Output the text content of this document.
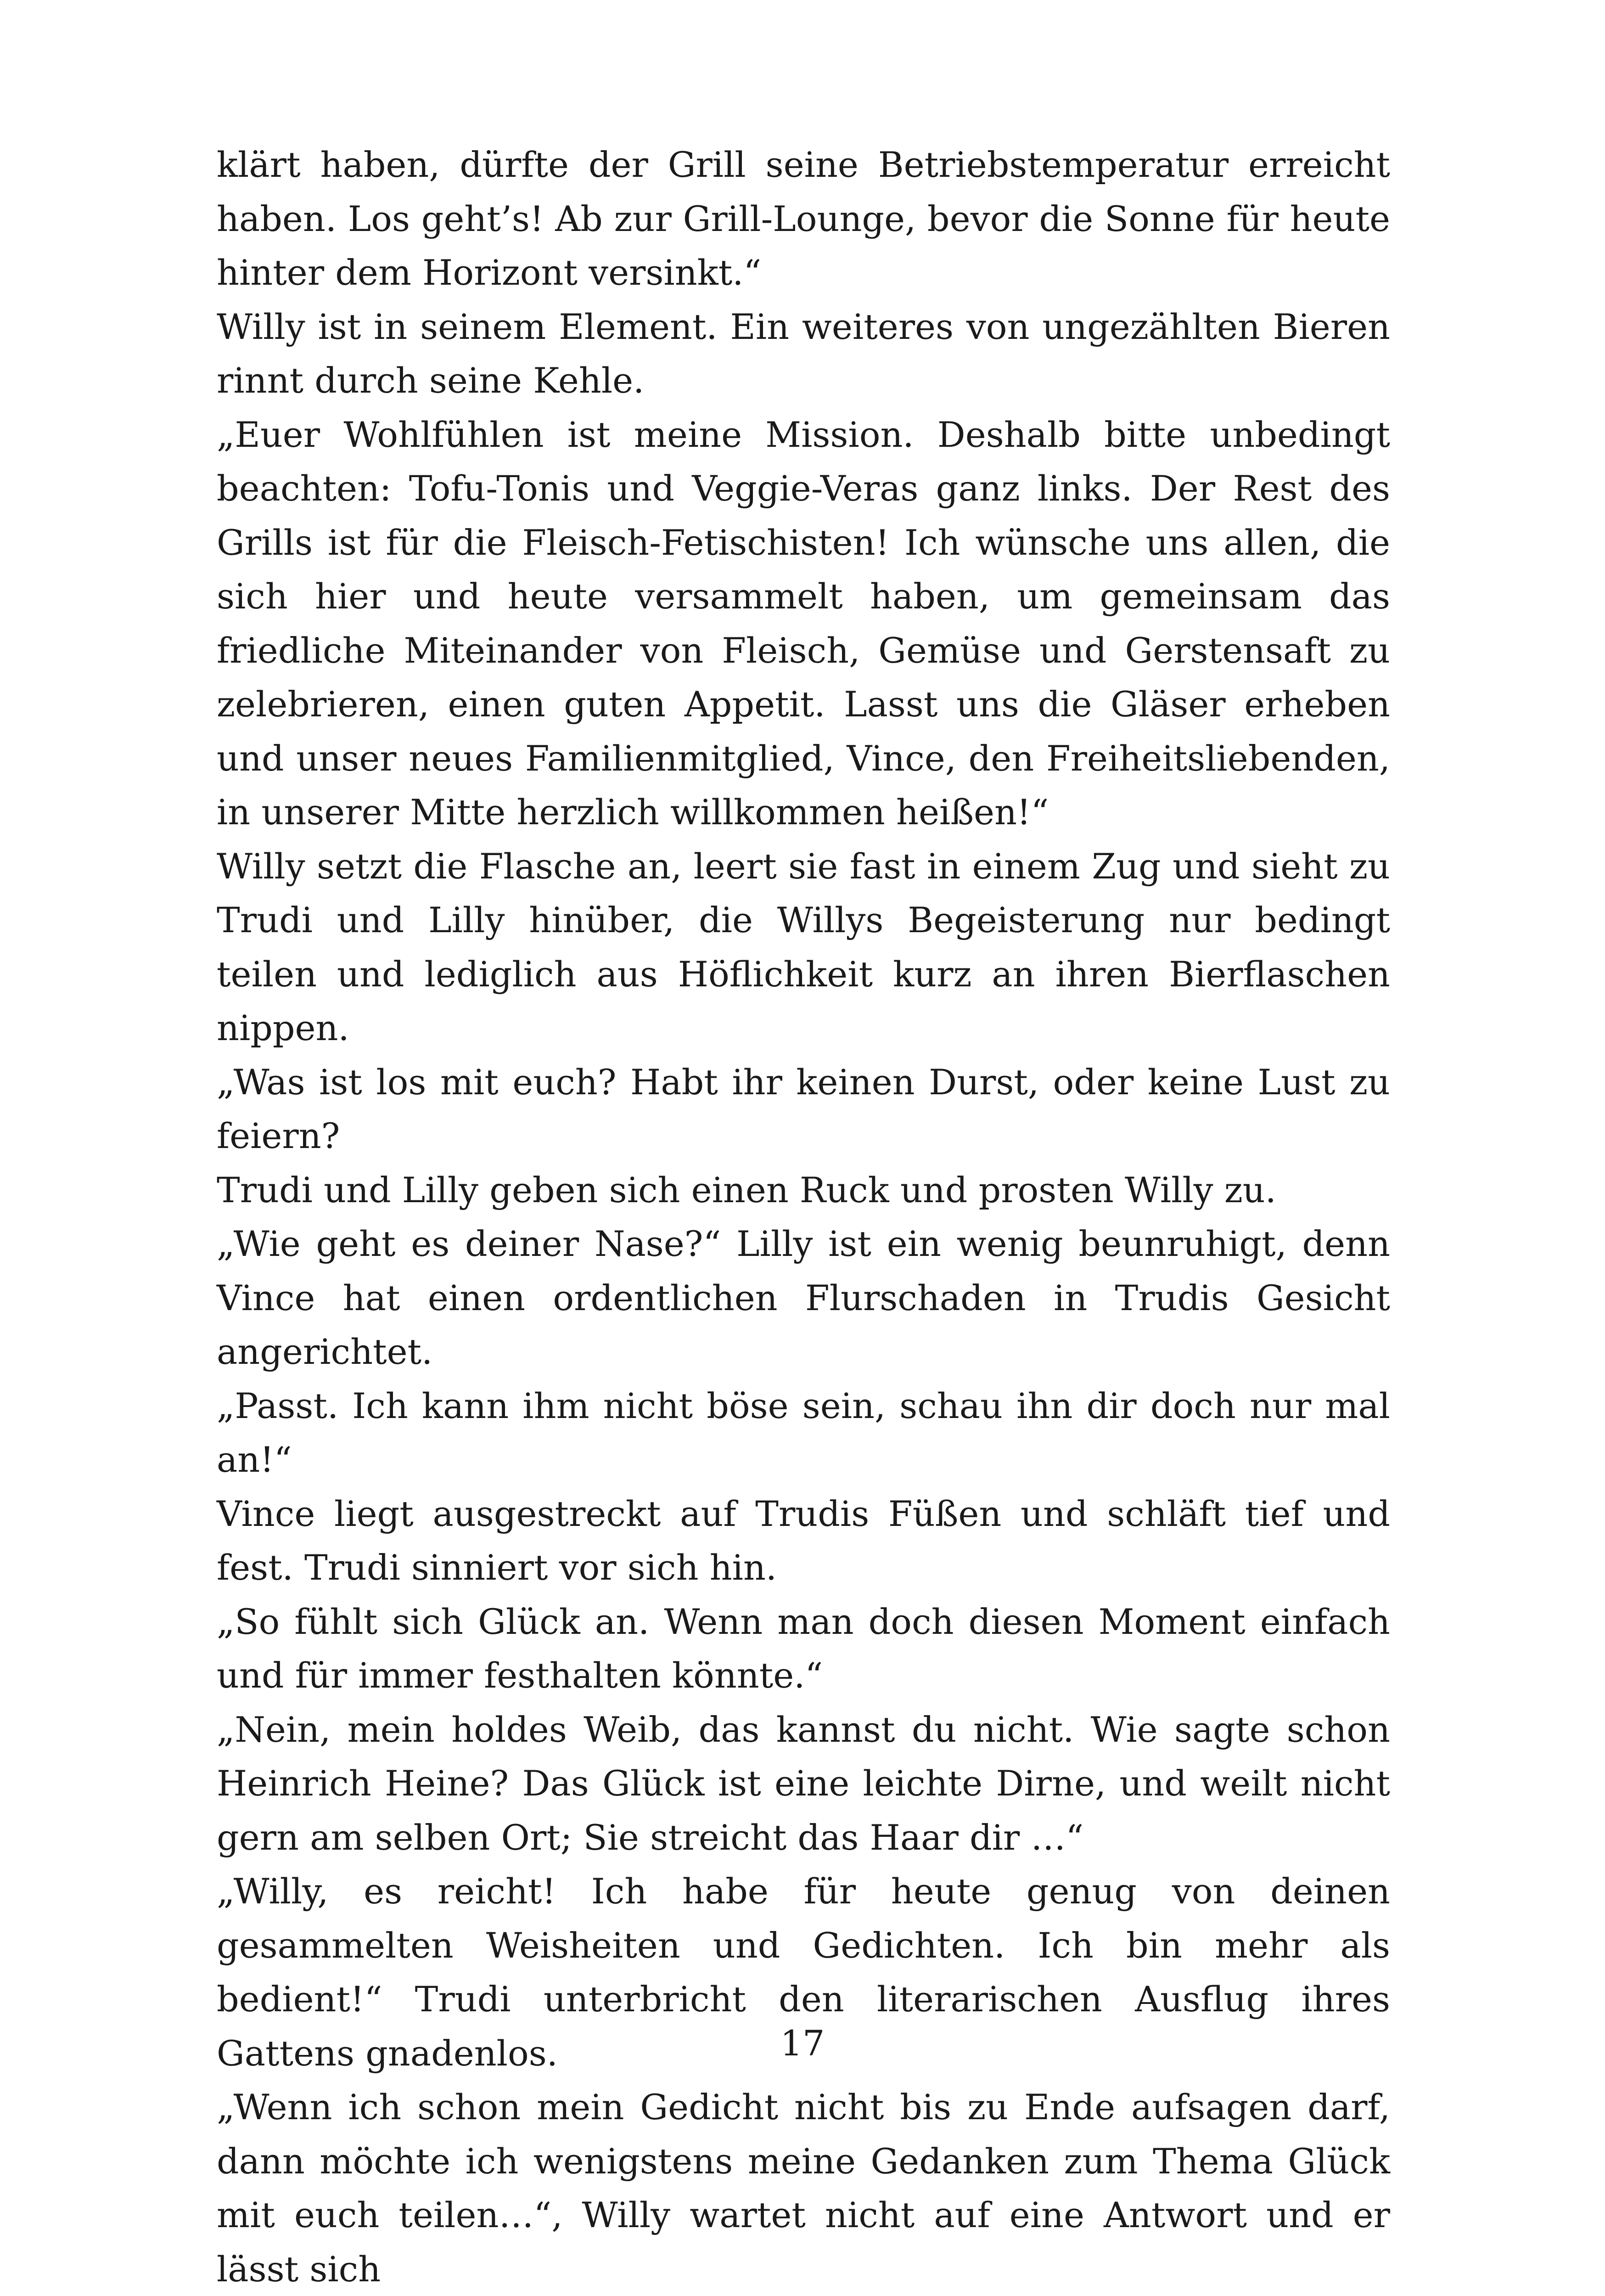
klärt haben, dürfte der Grill seine Betriebstemperatur erreicht haben. Los geht’s! Ab zur Grill-Lounge, bevor die Sonne für heute hinter dem Horizont versinkt.“

Willy ist in seinem Element. Ein weiteres von ungezählten Bieren rinnt durch seine Kehle.

„Euer Wohlfühlen ist meine Mission. Deshalb bitte unbedingt beachten: Tofu-Tonis und Veggie-Veras ganz links. Der Rest des Grills ist für die Fleisch-Fetischisten! Ich wünsche uns allen, die sich hier und heute versammelt haben, um gemeinsam das friedliche Miteinander von Fleisch, Gemüse und Gerstensaft zu zelebrieren, einen guten Appetit. Lasst uns die Gläser erheben und unser neues Familienmitglied, Vince, den Freiheitsliebenden, in unserer Mitte herzlich willkommen heißen!“

Willy setzt die Flasche an, leert sie fast in einem Zug und sieht zu Trudi und Lilly hinüber, die Willys Begeisterung nur bedingt teilen und lediglich aus Höflichkeit kurz an ihren Bierflaschen nippen.

„Was ist los mit euch? Habt ihr keinen Durst, oder keine Lust zu feiern?

Trudi und Lilly geben sich einen Ruck und prosten Willy zu.

„Wie geht es deiner Nase?“ Lilly ist ein wenig beunruhigt, denn Vince hat einen ordentlichen Flurschaden in Trudis Gesicht angerichtet.

„Passt. Ich kann ihm nicht böse sein, schau ihn dir doch nur mal an!“

Vince liegt ausgestreckt auf Trudis Füßen und schläft tief und fest. Trudi sinniert vor sich hin.

„So fühlt sich Glück an. Wenn man doch diesen Moment einfach und für immer festhalten könnte.“

„Nein, mein holdes Weib, das kannst du nicht. Wie sagte schon Heinrich Heine? Das Glück ist eine leichte Dirne, und weilt nicht gern am selben Ort; Sie streicht das Haar dir …“

„Willy, es reicht! Ich habe für heute genug von deinen gesammelten Weisheiten und Gedichten. Ich bin mehr als bedient!“ Trudi unterbricht den literarischen Ausflug ihres Gattens gnadenlos.

„Wenn ich schon mein Gedicht nicht bis zu Ende aufsagen darf, dann möchte ich wenigstens meine Gedanken zum Thema Glück mit euch teilen…“, Willy wartet nicht auf eine Antwort und er lässt sich

17
